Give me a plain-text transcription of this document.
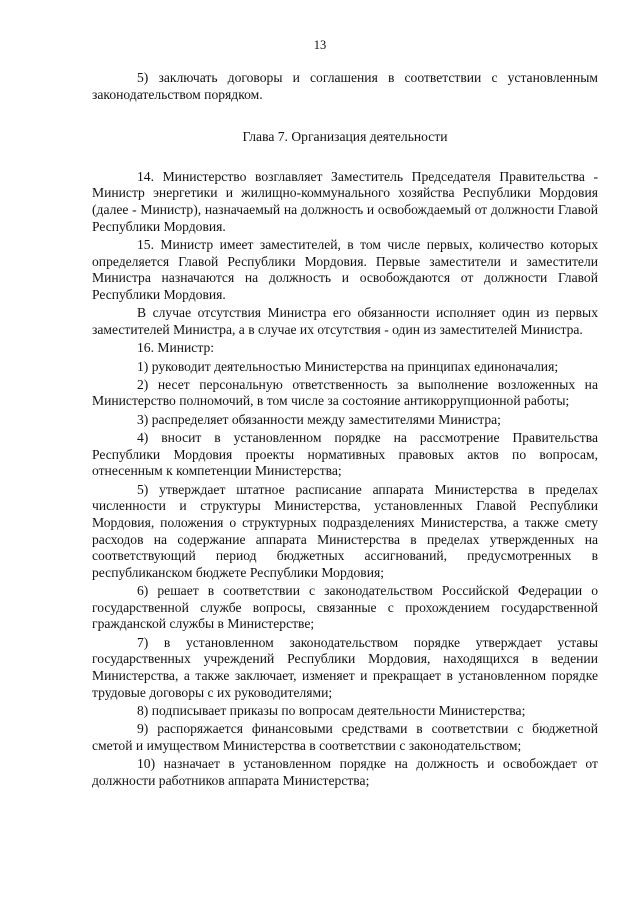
13

5) заключать договоры и соглашения в соответствии с установленным законодательством порядком.

Глава 7. Организация деятельности

14. Министерство возглавляет Заместитель Председателя Правительства - Министр энергетики и жилищно-коммунального хозяйства Республики Мордовия (далее - Министр), назначаемый на должность и освобождаемый от должности Главой Республики Мордовия.

15. Министр имеет заместителей, в том числе первых, количество которых определяется Главой Республики Мордовия. Первые заместители и заместители Министра назначаются на должность и освобождаются от должности Главой Республики Мордовия.

В случае отсутствия Министра его обязанности исполняет один из первых заместителей Министра, а в случае их отсутствия - один из заместителей Министра.

16. Министр:

1) руководит деятельностью Министерства на принципах единоначалия;

2) несет персональную ответственность за выполнение возложенных на Министерство полномочий, в том числе за состояние антикоррупционной работы;

3) распределяет обязанности между заместителями Министра;

4) вносит в установленном порядке на рассмотрение Правительства Республики Мордовия проекты нормативных правовых актов по вопросам, отнесенным к компетенции Министерства;

5) утверждает штатное расписание аппарата Министерства в пределах численности и структуры Министерства, установленных Главой Республики Мордовия, положения о структурных подразделениях Министерства, а также смету расходов на содержание аппарата Министерства в пределах утвержденных на соответствующий период бюджетных ассигнований, предусмотренных в республиканском бюджете Республики Мордовия;

6) решает в соответствии с законодательством Российской Федерации о государственной службе вопросы, связанные с прохождением государственной гражданской службы в Министерстве;

7) в установленном законодательством порядке утверждает уставы государственных учреждений Республики Мордовия, находящихся в ведении Министерства, а также заключает, изменяет и прекращает в установленном порядке трудовые договоры с их руководителями;

8) подписывает приказы по вопросам деятельности Министерства;

9) распоряжается финансовыми средствами в соответствии с бюджетной сметой и имуществом Министерства в соответствии с законодательством;

10) назначает в установленном порядке на должность и освобождает от должности работников аппарата Министерства;
